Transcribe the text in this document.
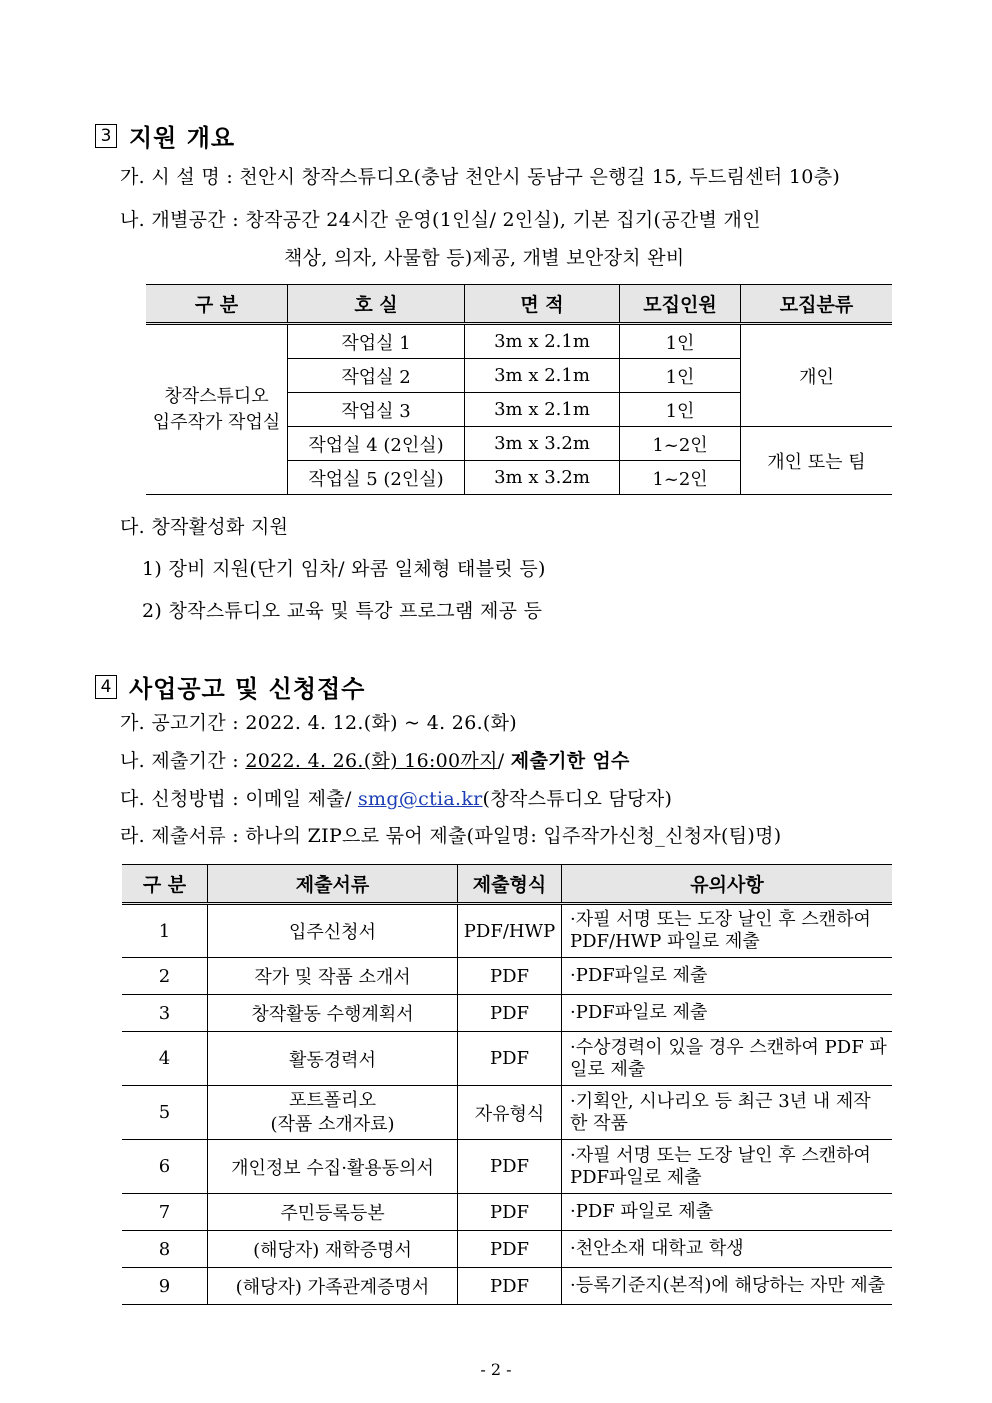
3 지원 개요
가. 시 설 명 : 천안시 창작스튜디오(충남 천안시 동남구 은행길 15, 두드림센터 10층)
나. 개별공간 : 창작공간 24시간 운영(1인실/ 2인실), 기본 집기(공간별 개인
책상, 의자, 사물함 등)제공, 개별 보안장치 완비
구 분	호 실	면 적	모집인원	모집분류
창작스튜디오
입주작가 작업실	작업실 1	3m x 2.1m	1인	개인
	작업실 2	3m x 2.1m	1인	
	작업실 3	3m x 2.1m	1인	
	작업실 4 (2인실)	3m x 3.2m	1~2인	개인 또는 팀
	작업실 5 (2인실)	3m x 3.2m	1~2인	
다. 창작활성화 지원
1) 장비 지원(단기 임차/ 와콤 일체형 태블릿 등)
2) 창작스튜디오 교육 및 특강 프로그램 제공 등
4 사업공고 및 신청접수
가. 공고기간 : 2022. 4. 12.(화) ~ 4. 26.(화)
나. 제출기간 : 2022. 4. 26.(화) 16:00까지/ 제출기한 엄수
다. 신청방법 : 이메일 제출/ smg@ctia.kr(창작스튜디오 담당자)
라. 제출서류 : 하나의 ZIP으로 묶어 제출(파일명: 입주작가신청_신청자(팀)명)
구 분	제출서류	제출형식	유의사항
1	입주신청서	PDF/HWP	·자필 서명 또는 도장 날인 후 스캔하여 PDF/HWP 파일로 제출
2	작가 및 작품 소개서	PDF	·PDF파일로 제출
3	창작활동 수행계획서	PDF	·PDF파일로 제출
4	활동경력서	PDF	·수상경력이 있을 경우 스캔하여 PDF 파일로 제출
5	포트폴리오
(작품 소개자료)	자유형식	·기획안, 시나리오 등 최근 3년 내 제작한 작품
6	개인정보 수집·활용동의서	PDF	·자필 서명 또는 도장 날인 후 스캔하여 PDF파일로 제출
7	주민등록등본	PDF	·PDF 파일로 제출
8	(해당자) 재학증명서	PDF	·천안소재 대학교 학생
9	(해당자) 가족관계증명서	PDF	·등록기준지(본적)에 해당하는 자만 제출
- 2 -
